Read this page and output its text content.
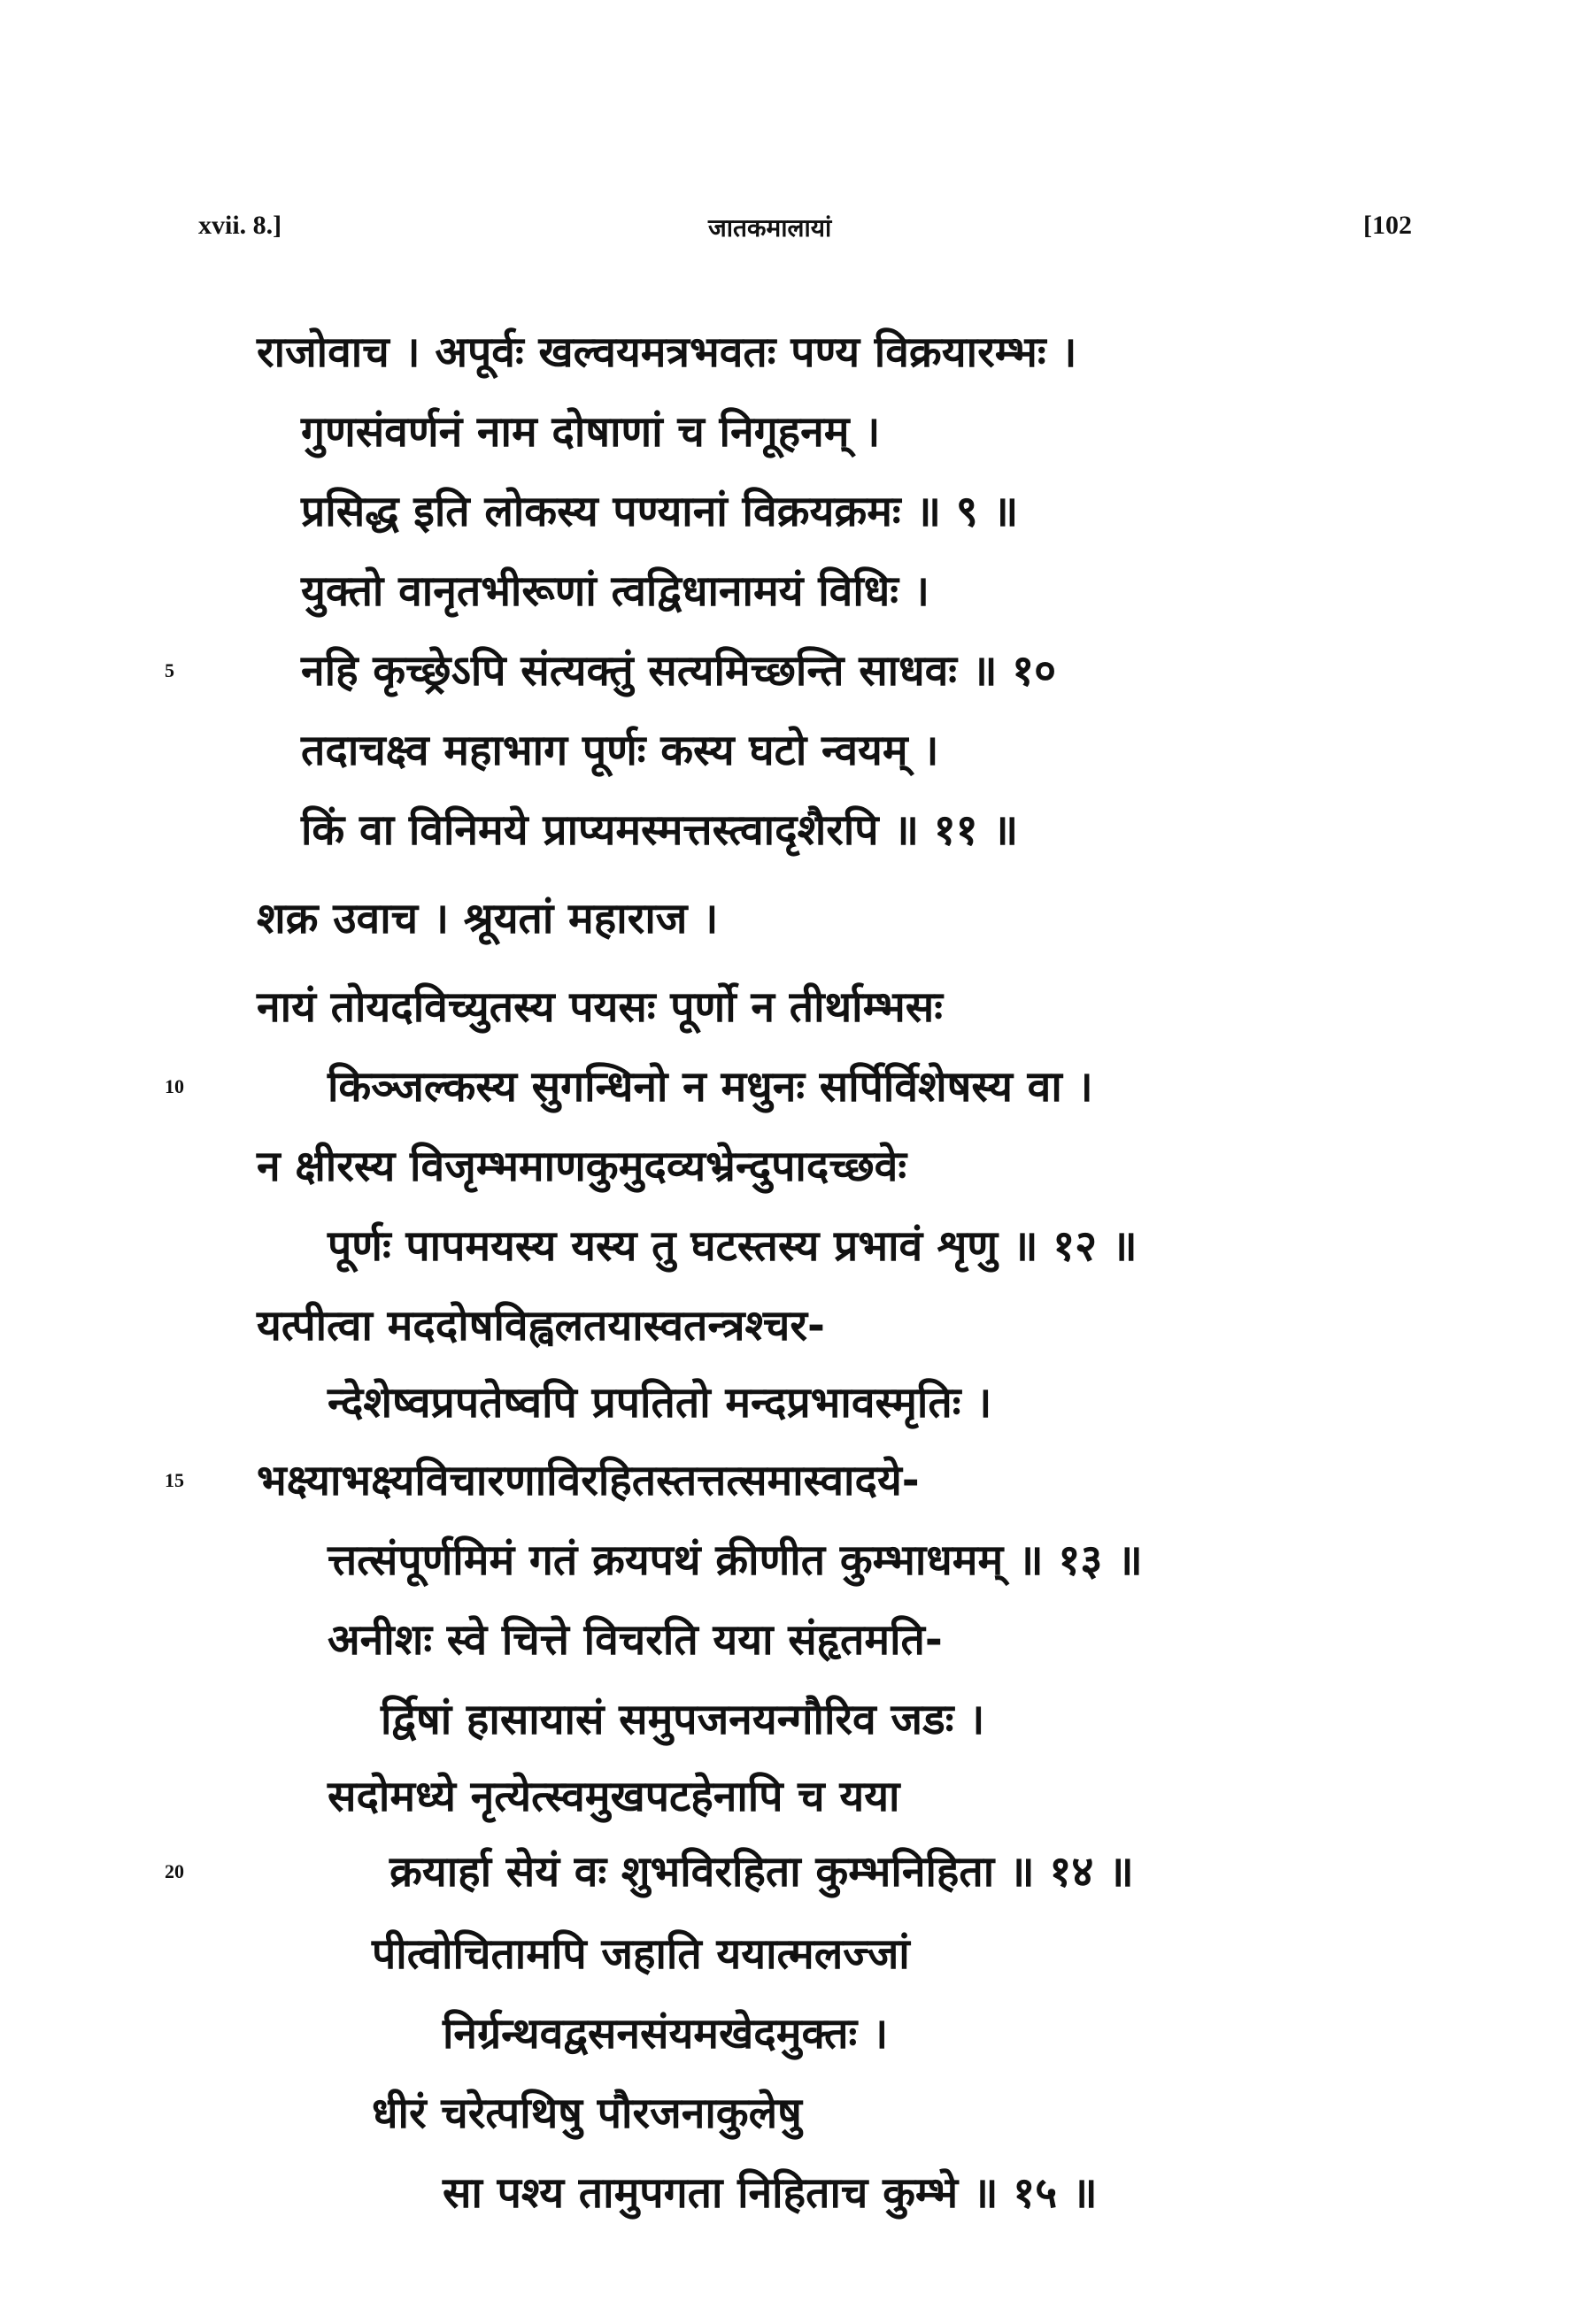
xvii. 8.]	जातकमालायां	[102
राजोवाच । अपूर्वः खल्वयमत्रभवतः पण्य विक्रयारम्भः ।
गुणसंवर्णनं नाम दोषाणां च निगूहनम् ।
प्रसिद्ध इति लोकस्य पण्यानां विक्रयक्रमः ॥ ९ ॥
युक्तो वानृतभीरूणां त्वद्विधानामयं विधिः ।
5	नहि कृच्छ्रेऽपि संत्यक्तुं सत्यमिच्छन्ति साधवः ॥ १०
तदाचक्ष्व महाभाग पूर्णः कस्य घटो न्वयम् ।
किं वा विनिमये प्राप्यमस्मत्तस्त्वादृशैरपि ॥ ११ ॥
शक्र उवाच । श्रूयतां महाराज ।
नायं तोयदविच्युतस्य पयसः पूर्णो न तीर्थाम्भसः
10	किञ्जल्कस्य सुगन्धिनो न मधुनः सर्पिर्विशेषस्य वा ।
न क्षीरस्य विजृम्भमाणकुमुदव्यभ्रेन्दुपादच्छवेः
पूर्णः पापमयस्य यस्य तु घटस्तस्य प्रभावं शृणु ॥ १२ ॥
यत्पीत्वा मददोषविह्वलतयास्वतन्त्रश्चर-
न्देशेष्वप्रपतेष्वपि प्रपतितो मन्दप्रभावस्मृतिः ।
15 भक्ष्याभक्ष्यविचारणाविरहितस्तत्तत्समास्वादये-
त्तत्संपूर्णमिमं गतं क्रयपथं क्रीणीत कुम्भाधमम् ॥ १३ ॥
अनीशः स्वे चित्ते विचरति यया संहृतमति-
र्द्विषां हासायासं समुपजनयन्गौरिव जडः ।
सदोमध्ये नृत्येत्स्वमुखपटहेनापि च यया
20	क्रयार्हा सेयं वः शुभविरहिता कुम्भनिहिता ॥ १४ ॥
पीत्वोचितामपि जहाति ययात्मलज्जां
निर्ग्रन्थवद्वसनसंयमखेदमुक्तः ।
धीरं चरेत्पथिषु पौरजनाकुलेषु
सा पश्य तामुपगता निहिताच कुम्भे ॥ १५ ॥
